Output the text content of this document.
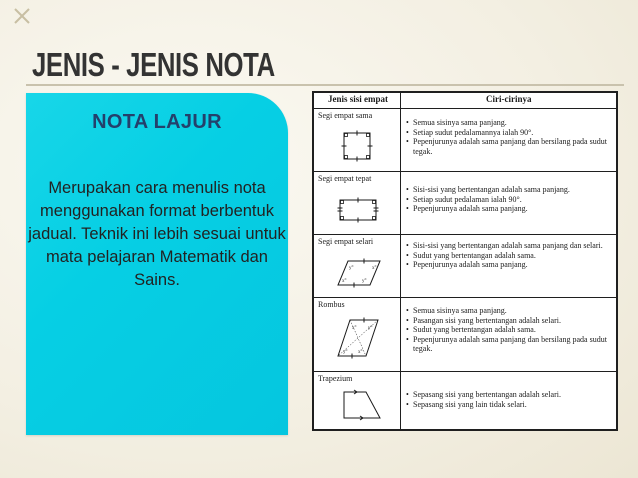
JENIS - JENIS NOTA
NOTA LAJUR
Merupakan cara menulis nota menggunakan format berbentuk jadual. Teknik ini lebih sesuai untuk mata pelajaran Matematik dan Sains.
Jenis sisi empat	Ciri-cirinya
Segi empat sama
• Semua sisinya sama panjang.
• Setiap sudut pedalamannya ialah 90°.
• Pepenjurunya adalah sama panjang dan bersilang pada sudut tegak.
Segi empat tepat
• Sisi-sisi yang bertentangan adalah sama panjang.
• Setiap sudut pedalaman ialah 90°.
• Pepenjurunya adalah sama panjang.
Segi empat selari
y°	x°
x°	y°
• Sisi-sisi yang bertentangan adalah sama panjang dan selari.
• Sudut yang bertentangan adalah sama.
• Pepenjurunya adalah sama panjang.
Rombus
x° y°
y° x°
• Semua sisinya sama panjang.
• Pasangan sisi yang bertentangan adalah selari.
• Sudut yang bertentangan adalah sama.
• Pepenjurunya adalah sama panjang dan bersilang pada sudut tegak.
Trapezium
• Sepasang sisi yang bertentangan adalah selari.
• Sepasang sisi yang lain tidak selari.
